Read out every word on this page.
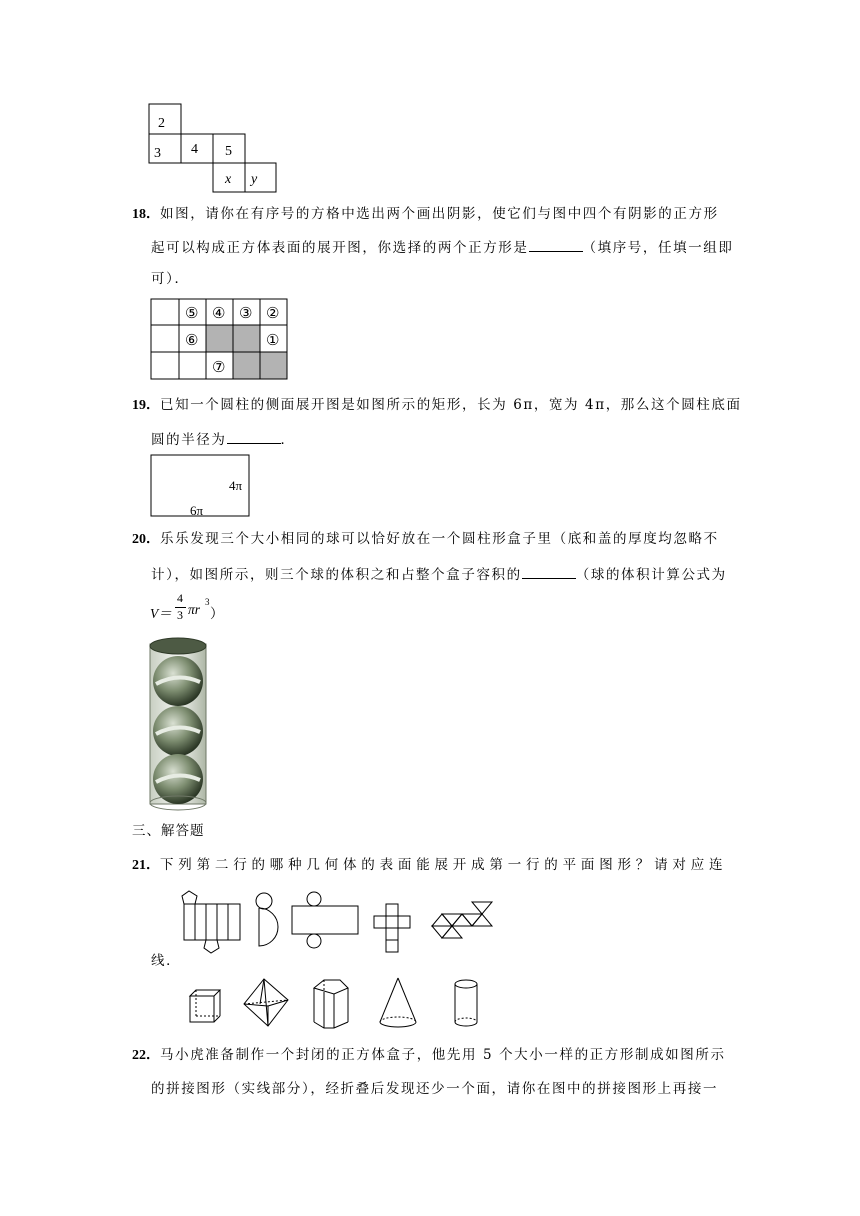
2
3 4 5
x y
18．如图，请你在有序号的方格中选出两个画出阴影，使它们与图中四个有阴影的正方形
起可以构成正方体表面的展开图，你选择的两个正方形是	（填序号，任填一组即
可）．
⑤ ④ ③ ②
⑥	①
⑦
19．已知一个圆柱的侧面展开图是如图所示的矩形，长为 6π，宽为 4π，那么这个圆柱底面
圆的半径为	．
4π
6π
20．乐乐发现三个大小相同的球可以恰好放在一个圆柱形盒子里（底和盖的厚度均忽略不
计），如图所示，则三个球的体积之和占整个盒子容积的	（球的体积计算公式为
V＝
4
3 πr 3
）
三、解答题
21．下列第二行的哪种几何体的表面能展开成第一行的平面图形？请对应连
线．
22．马小虎准备制作一个封闭的正方体盒子，他先用 5 个大小一样的正方形制成如图所示
的拼接图形（实线部分），经折叠后发现还少一个面，请你在图中的拼接图形上再接一
